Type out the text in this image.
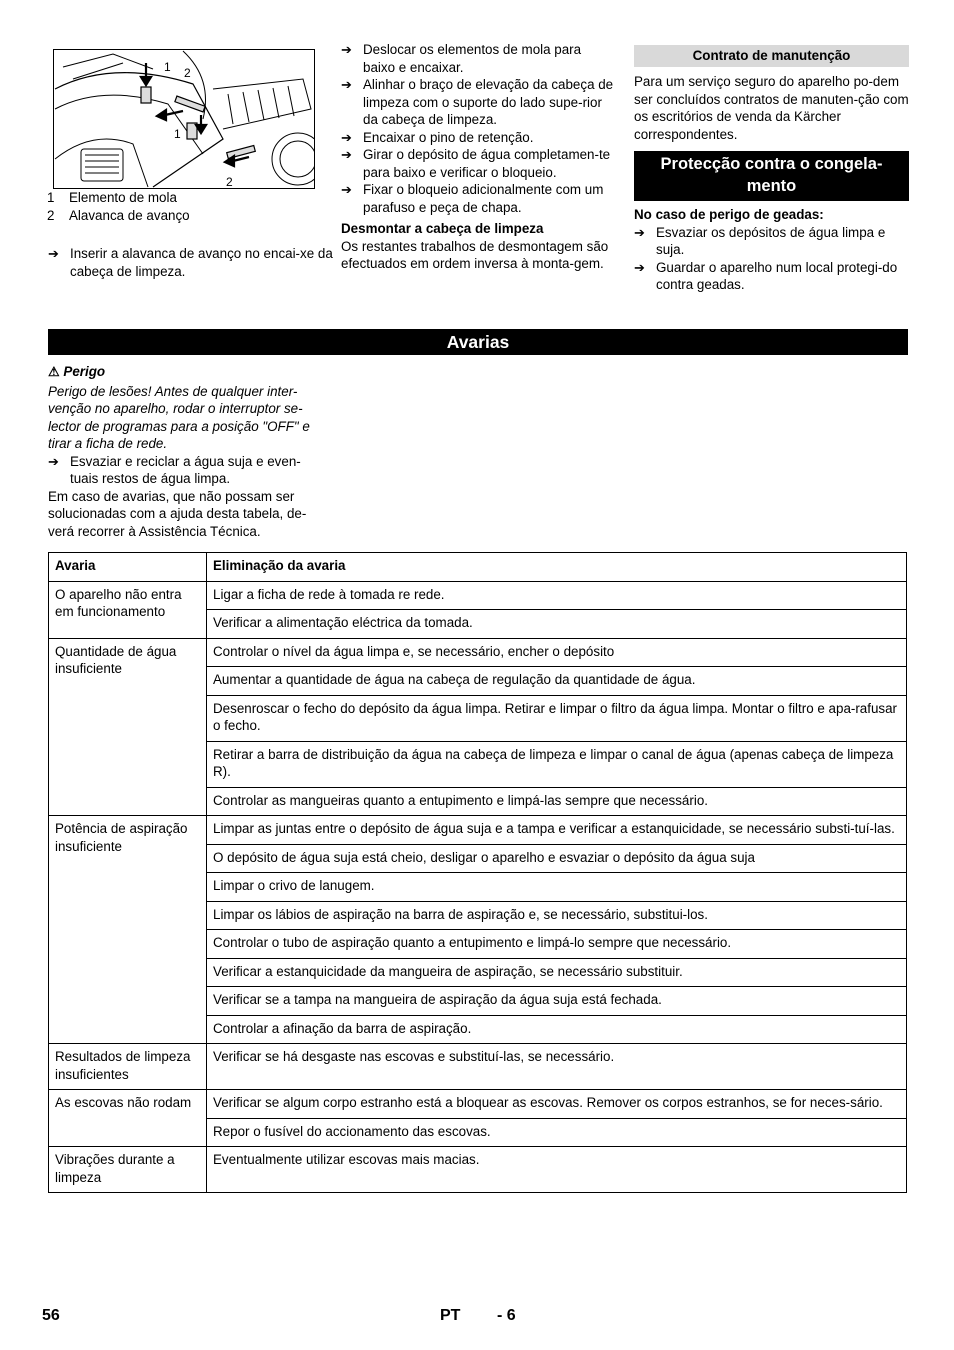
1 2
1
2
1	Elemento de mola
2	Alavanca de avanço
➔ Inserir a alavanca de avanço no encai-xe da cabeça de limpeza.
➔ Deslocar os elementos de mola para baixo e encaixar.
➔ Alinhar o braço de elevação da cabeça de limpeza com o suporte do lado supe-rior da cabeça de limpeza.
➔ Encaixar o pino de retenção.
➔ Girar o depósito de água completamen-te para baixo e verificar o bloqueio.
➔ Fixar o bloqueio adicionalmente com um parafuso e peça de chapa.

Desmontar a cabeça de limpeza

Os restantes trabalhos de desmontagem são efectuados em ordem inversa à monta-gem.

Contrato de manutenção

Para um serviço seguro do aparelho po-dem ser concluídos contratos de manuten-ção com os escritórios de venda da Kärcher correspondentes.

Protecção contra o congela-mento

No caso de perigo de geadas:

➔ Esvaziar os depósitos de água limpa e suja.
➔ Guardar o aparelho num local protegi-do contra geadas.
Avarias

⚠ Perigo

Perigo de lesões! Antes de qualquer inter-venção no aparelho, rodar o interruptor se-lector de programas para a posição "OFF" e tirar a ficha de rede.

➔ Esvaziar e reciclar a água suja e even-tuais restos de água limpa.

Em caso de avarias, que não possam ser solucionadas com a ajuda desta tabela, de-verá recorrer à Assistência Técnica.

Avaria	Eliminação da avaria
O aparelho não entra em funcionamento	Ligar a ficha de rede à tomada re rede.
	Verificar a alimentação eléctrica da tomada.
Quantidade de água insuficiente	Controlar o nível da água limpa e, se necessário, encher o depósito
	Aumentar a quantidade de água na cabeça de regulação da quantidade de água.
	Desenroscar o fecho do depósito da água limpa. Retirar e limpar o filtro da água limpa. Montar o filtro e apa-rafusar o fecho.
	Retirar a barra de distribuição da água na cabeça de limpeza e limpar o canal de água (apenas cabeça de limpeza R).
	Controlar as mangueiras quanto a entupimento e limpá-las sempre que necessário.
Potência de aspiração insuficiente	Limpar as juntas entre o depósito de água suja e a tampa e verificar a estanquicidade, se necessário substi-tuí-las.
	O depósito de água suja está cheio, desligar o aparelho e esvaziar o depósito da água suja
	Limpar o crivo de lanugem.
	Limpar os lábios de aspiração na barra de aspiração e, se necessário, substitui-los.
	Controlar o tubo de aspiração quanto a entupimento e limpá-lo sempre que necessário.
	Verificar a estanquicidade da mangueira de aspiração, se necessário substituir.
	Verificar se a tampa na mangueira de aspiração da água suja está fechada.
	Controlar a afinação da barra de aspiração.
Resultados de limpeza insuficientes	Verificar se há desgaste nas escovas e substituí-las, se necessário.
As escovas não rodam	Verificar se algum corpo estranho está a bloquear as escovas. Remover os corpos estranhos, se for neces-sário.
	Repor o fusível do accionamento das escovas.
Vibrações durante a limpeza	Eventualmente utilizar escovas mais macias.
56	PT - 6
